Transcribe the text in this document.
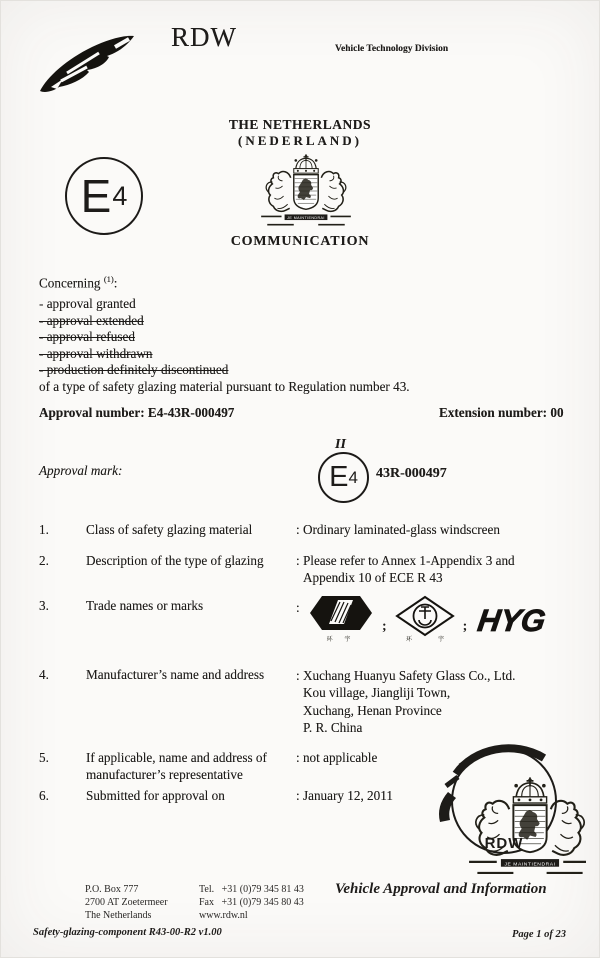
RDW	Vehicle Technology Division
THE NETHERLANDS
(NEDERLAND)
E 4
COMMUNICATION
Concerning $^{(1)}$:
- approval granted
- approval extended
- approval refused
- approval withdrawn
- production definitely discontinued
of a type of safety glazing material pursuant to Regulation number 43.
Approval number: E4-43R-000497	Extension number: 00
Approval mark:
II
E 4 43R-000497
1.	Class of safety glazing material	: Ordinary laminated-glass windscreen
2.	Description of the type of glazing	: Please refer to Annex 1-Appendix 3 and
Appendix 10 of ECE R 43
3.	Trade names or marks	:
环 宇
;
环	宇
; HYG
4.	Manufacturer’s name and address	: Xuchang Huanyu Safety Glass Co., Ltd.
Kou village, Jiangliji Town,
Xuchang, Henan Province
P. R. China
5.	If applicable, name and address of
manufacturer’s representative
: not applicable
6.	Submitted for approval on	: January 12, 2011
RDW
P.O. Box 777
2700 AT Zoetermeer
The Netherlands
Tel.   +31 (0)79 345 81 43
Fax   +31 (0)79 345 80 43
www.rdw.nl
Vehicle Approval and Information
Safety-glazing-component R43-00-R2 v1.00	Page 1 of 23
